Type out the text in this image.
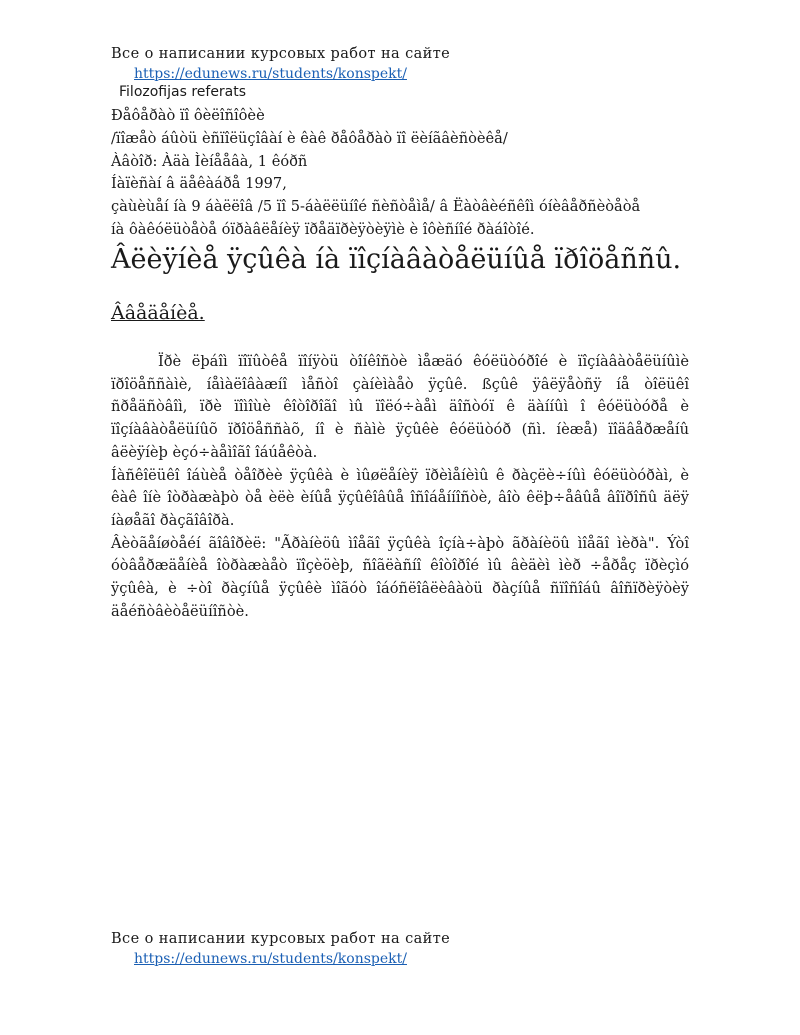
Все о написании курсовых работ на сайте
https://edunews.ru/students/konspekt/
Filozofijas referats
Ðåôåðàò ïî ôèëîñîôèè
/ïîæåò áûòü èñïîëüçîâàí è êàê ðåôåðàò ïî ëèíãâèñòèêå/
Àâòîð: Àäà Ìèíååâà, 1 êóðñ
Íàïèñàí â äåêàáðå 1997,
çàùèùåí íà 9 áàëëîâ /5 ïî 5-áàëëüíîé ñèñòåìå/ â Ëàòâèéñêîì óíèâåðñèòåòå
íà ôàêóëüòåòå óïðàâëåíèÿ ïðåäïðèÿòèÿìè è îôèñíîé ðàáîòîé.
Âëèÿíèå ÿçûêà íà ïîçíàâàòåëüíûå ïðîöåññû.
Ââåäåíèå.

Ïðè ëþáîì ïîïûòêå ïîíÿòü òîíêîñòè ìåæäó êóëüòóðîé è ïîçíàâàòåëüíûìè ïðîöåññàìè, íåìàëîâàæíî ìåñòî çàíèìàåò ÿçûê. ßçûê ÿâëÿåòñÿ íå òîëüêî ñðåäñòâîì, ïðè ïîìîùè êîòîðîãî ìû ïîëó÷àåì äîñòóï ê äàííûì î êóëüòóðå è ïîçíàâàòåëüíûõ ïðîöåññàõ, íî è ñàìè ÿçûêè êóëüòóð (ñì. íèæå) ïîäâåðæåíû âëèÿíèþ èçó÷àåìîãî îáúåêòà.

Íàñêîëüêî îáùèå òåîðèè ÿçûêà è ìûøëåíèÿ ïðèìåíèìû ê ðàçëè÷íûì êóëüòóðàì, è êàê îíè îòðàæàþò òå èëè èíûå ÿçûêîâûå îñîáåííîñòè, âîò êëþ÷åâûå âîïðîñû äëÿ íàøåãî ðàçãîâîðà.

Âèòãåíøòåéí ãîâîðèë: "Ãðàíèöû ìîåãî ÿçûêà îçíà÷àþò ãðàíèöû ìîåãî ìèðà". Ýòî óòâåðæäåíèå îòðàæàåò ïîçèöèþ, ñîãëàñíî êîòîðîé ìû âèäèì ìèð ÷åðåç ïðèçìó ÿçûêà, è ÷òî ðàçíûå ÿçûêè ìîãóò îáóñëîâëèâàòü ðàçíûå ñïîñîáû âîñïðèÿòèÿ äåéñòâèòåëüíîñòè.

Все о написании курсовых работ на сайте
https://edunews.ru/students/konspekt/
